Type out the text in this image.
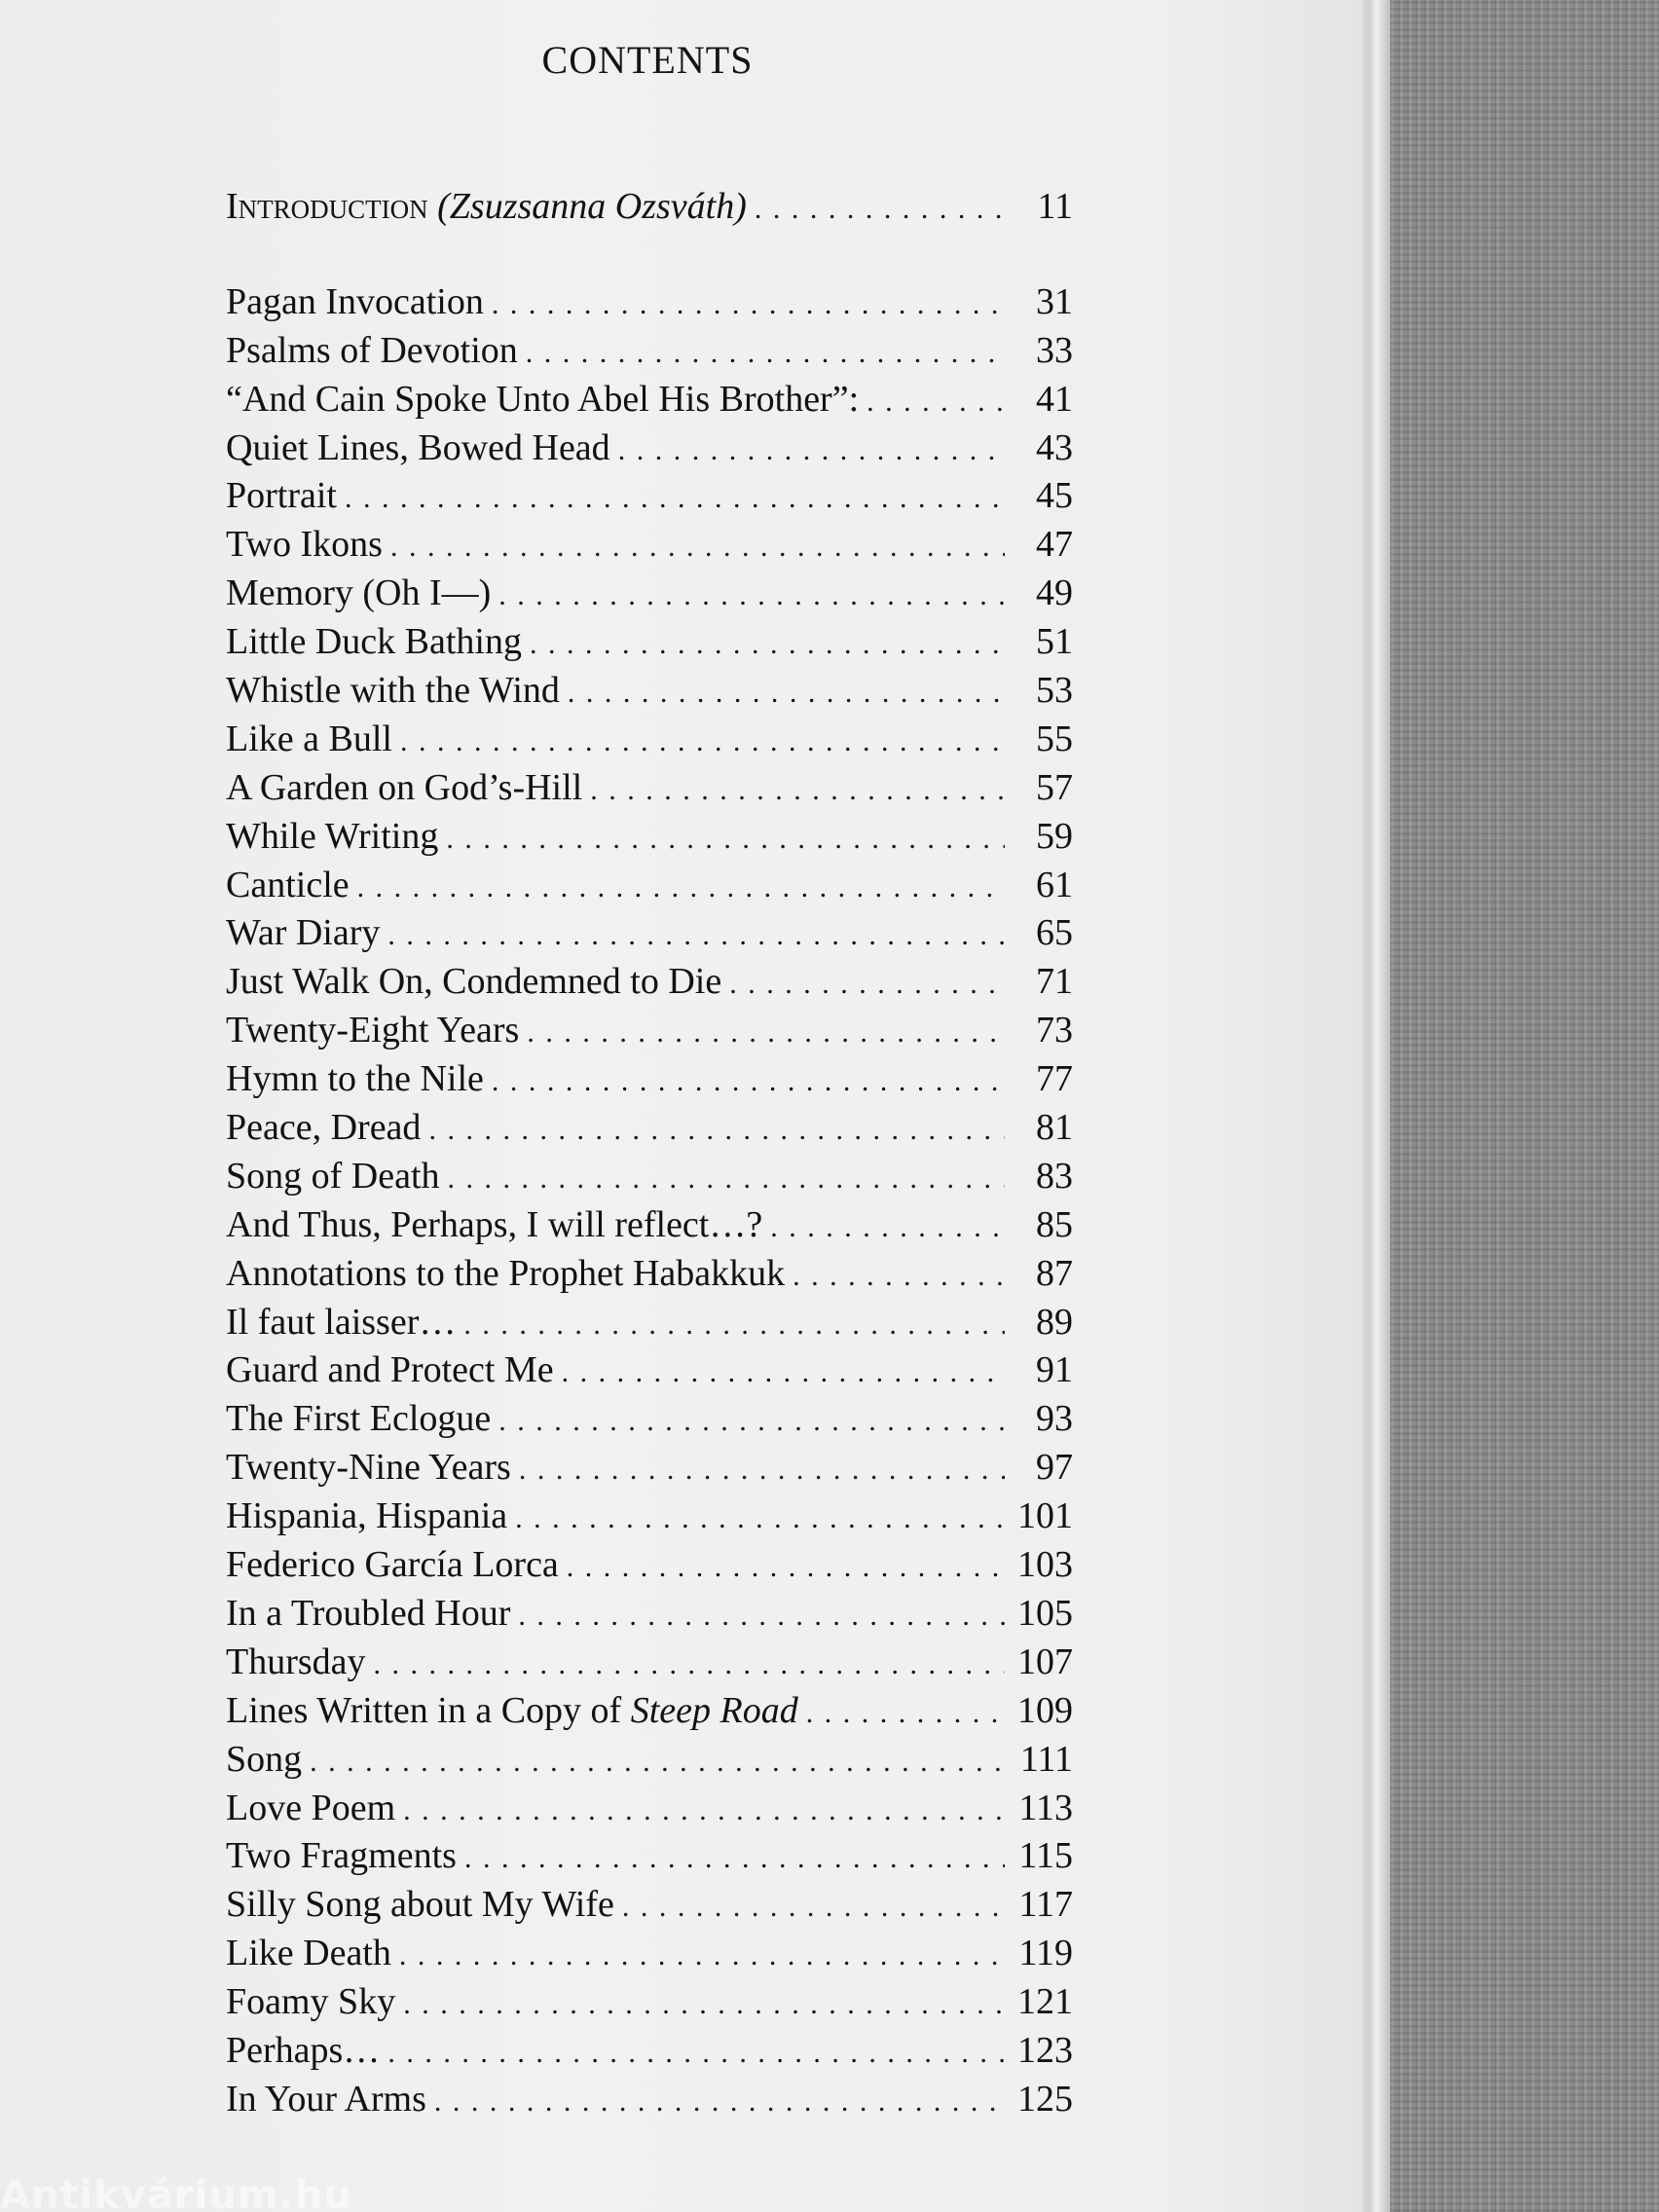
CONTENTS
Introduction (Zsuzsanna Ozsváth) . . .	11
Pagan Invocation . . .	31
Psalms of Devotion . . .	33
“And Cain Spoke Unto Abel His Brother”: . . .	41
Quiet Lines, Bowed Head . . .	43
Portrait . . .	45
Two Ikons . . .	47
Memory (Oh I—) . . .	49
Little Duck Bathing . . .	51
Whistle with the Wind . . .	53
Like a Bull . . .	55
A Garden on God’s-Hill . . .	57
While Writing . . .	59
Canticle . . .	61
War Diary . . .	65
Just Walk On, Condemned to Die . . .	71
Twenty-Eight Years . . .	73
Hymn to the Nile . . .	77
Peace, Dread . . .	81
Song of Death . . .	83
And Thus, Perhaps, I will reflect…? . . .	85
Annotations to the Prophet Habakkuk . . .	87
Il faut laisser… . . .	89
Guard and Protect Me . . .	91
The First Eclogue . . .	93
Twenty-Nine Years . . .	97
Hispania, Hispania . . .	101
Federico García Lorca . . .	103
In a Troubled Hour . . .	105
Thursday . . .	107
Lines Written in a Copy of Steep Road . . .	109
Song . . .	111
Love Poem . . .	113
Two Fragments . . .	115
Silly Song about My Wife . . .	117
Like Death . . .	119
Foamy Sky . . .	121
Perhaps… . . .	123
In Your Arms . . .	125
Antikvárium.hu
